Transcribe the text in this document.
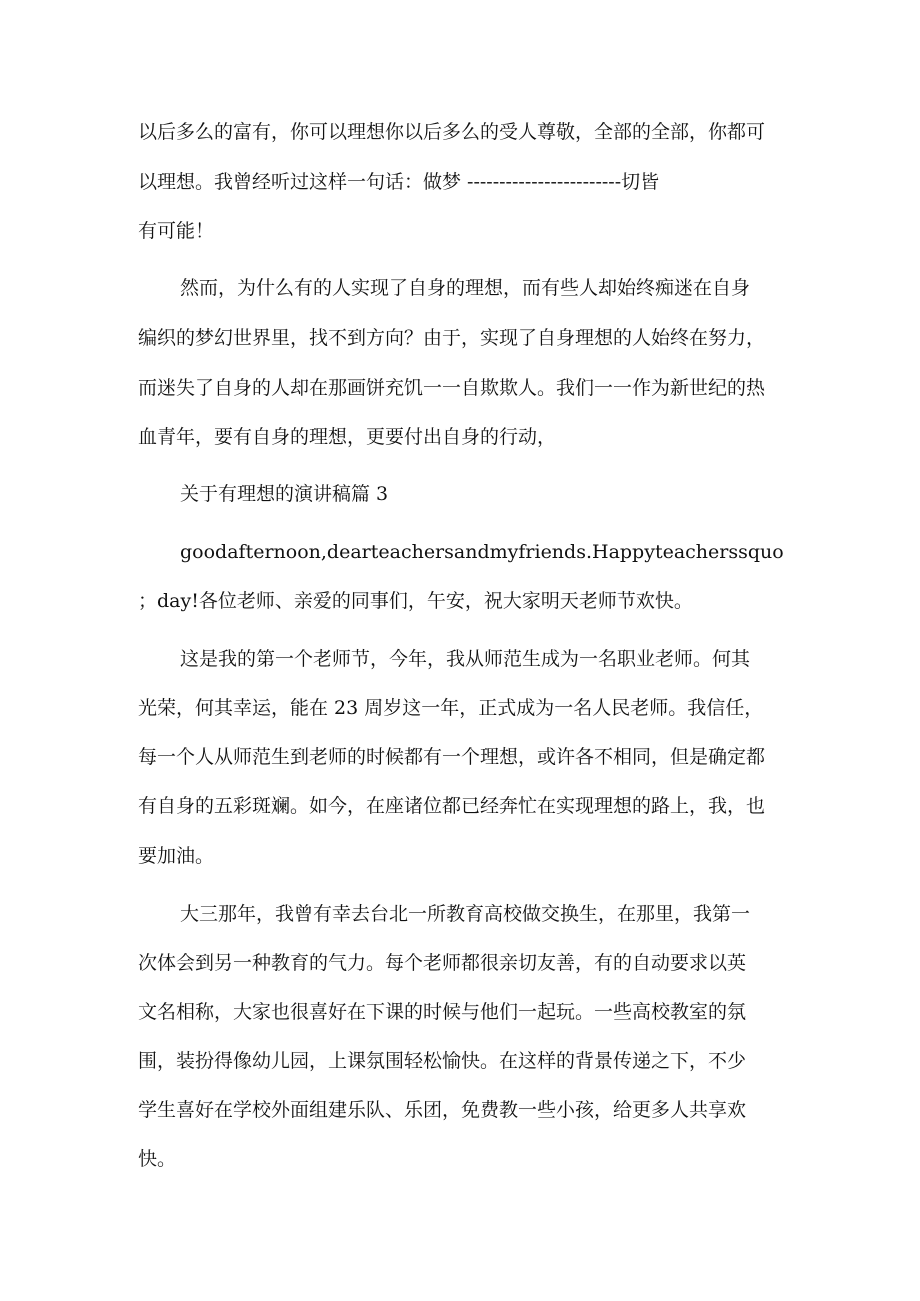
以后多么的富有，你可以理想你以后多么的受人尊敬，全部的全部，你都可
以理想。我曾经听过这样一句话：做梦 ------------------------切皆
有可能！
然而，为什么有的人实现了自身的理想，而有些人却始终痴迷在自身
编织的梦幻世界里，找不到方向？由于，实现了自身理想的人始终在努力，
而迷失了自身的人却在那画饼充饥一一自欺欺人。我们一一作为新世纪的热
血青年，要有自身的理想，更要付出自身的行动，
关于有理想的演讲稿篇 3
goodafternoon,dearteachersandmyfriends.Happyteacherssquo
；day!各位老师、亲爱的同事们，午安，祝大家明天老师节欢快。
这是我的第一个老师节，今年，我从师范生成为一名职业老师。何其
光荣，何其幸运，能在 23 周岁这一年，正式成为一名人民老师。我信任，
每一个人从师范生到老师的时候都有一个理想，或许各不相同，但是确定都
有自身的五彩斑斓。如今，在座诸位都已经奔忙在实现理想的路上，我，也
要加油。
大三那年，我曾有幸去台北一所教育高校做交换生，在那里，我第一
次体会到另一种教育的气力。每个老师都很亲切友善，有的自动要求以英
文名相称，大家也很喜好在下课的时候与他们一起玩。一些高校教室的氛
围，装扮得像幼儿园，上课氛围轻松愉快。在这样的背景传递之下，不少
学生喜好在学校外面组建乐队、乐团，免费教一些小孩，给更多人共享欢
快。
